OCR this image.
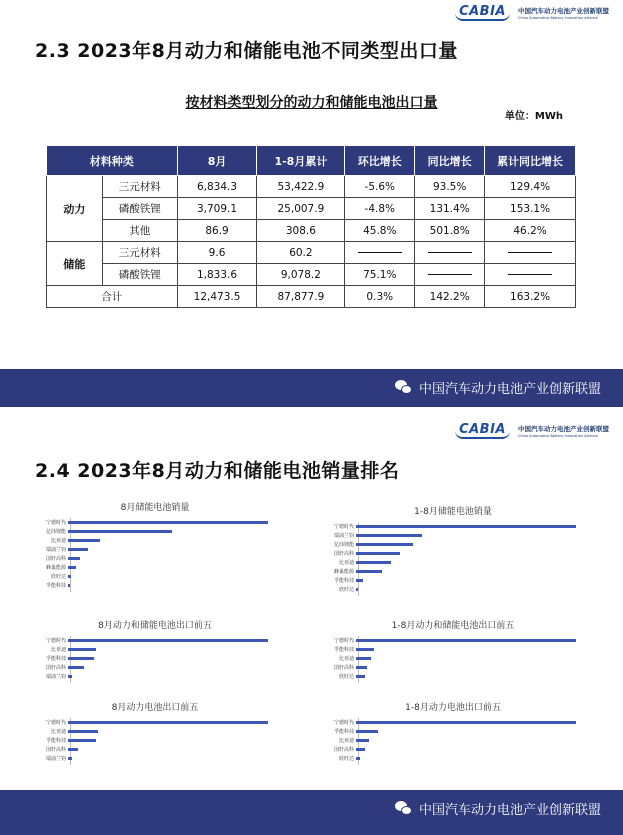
CABIA	中国汽车动力电池产业创新联盟
China Automotive Battery Innovation Alliance
2.3 2023年8月动力和储能电池不同类型出口量
按材料类型划分的动力和储能电池出口量
单位：MWh
材料种类		8月	1-8月累计	环比增长	同比增长	累计同比增长
动力	三元材料	6,834.3	53,422.9	-5.6%	93.5%	129.4%
	磷酸铁锂	3,709.1	25,007.9	-4.8%	131.4%	153.1%
	其他	86.9	308.6	45.8%	501.8%	46.2%
储能	三元材料	9.6	60.2			
	磷酸铁锂	1,833.6	9,078.2	75.1%		
合计		12,473.5	87,877.9	0.3%	142.2%	163.2%
中国汽车动力电池产业创新联盟
CABIA	中国汽车动力电池产业创新联盟
China Automotive Battery Innovation Alliance
2.4 2023年8月动力和储能电池销量排名
8月储能电池销量
宁德时代
亿纬锂能
比亚迪
瑞浦兰钧
国轩高科
蜂巢能源
欣旺达
孚能科技
1-8月储能电池销量
宁德时代
瑞浦兰钧
亿纬锂能
国轩高科
比亚迪
蜂巢能源
孚能科技
欣旺达
8月动力和储能电池出口前五
宁德时代
比亚迪
孚能科技
国轩高科
瑞浦兰钧
1-8月动力和储能电池出口前五
宁德时代
孚能科技
比亚迪
国轩高科
欣旺达
8月动力电池出口前五
宁德时代
比亚迪
孚能科技
国轩高科
瑞浦兰钧
1-8月动力电池出口前五
宁德时代
孚能科技
比亚迪
国轩高科
欣旺达
中国汽车动力电池产业创新联盟
